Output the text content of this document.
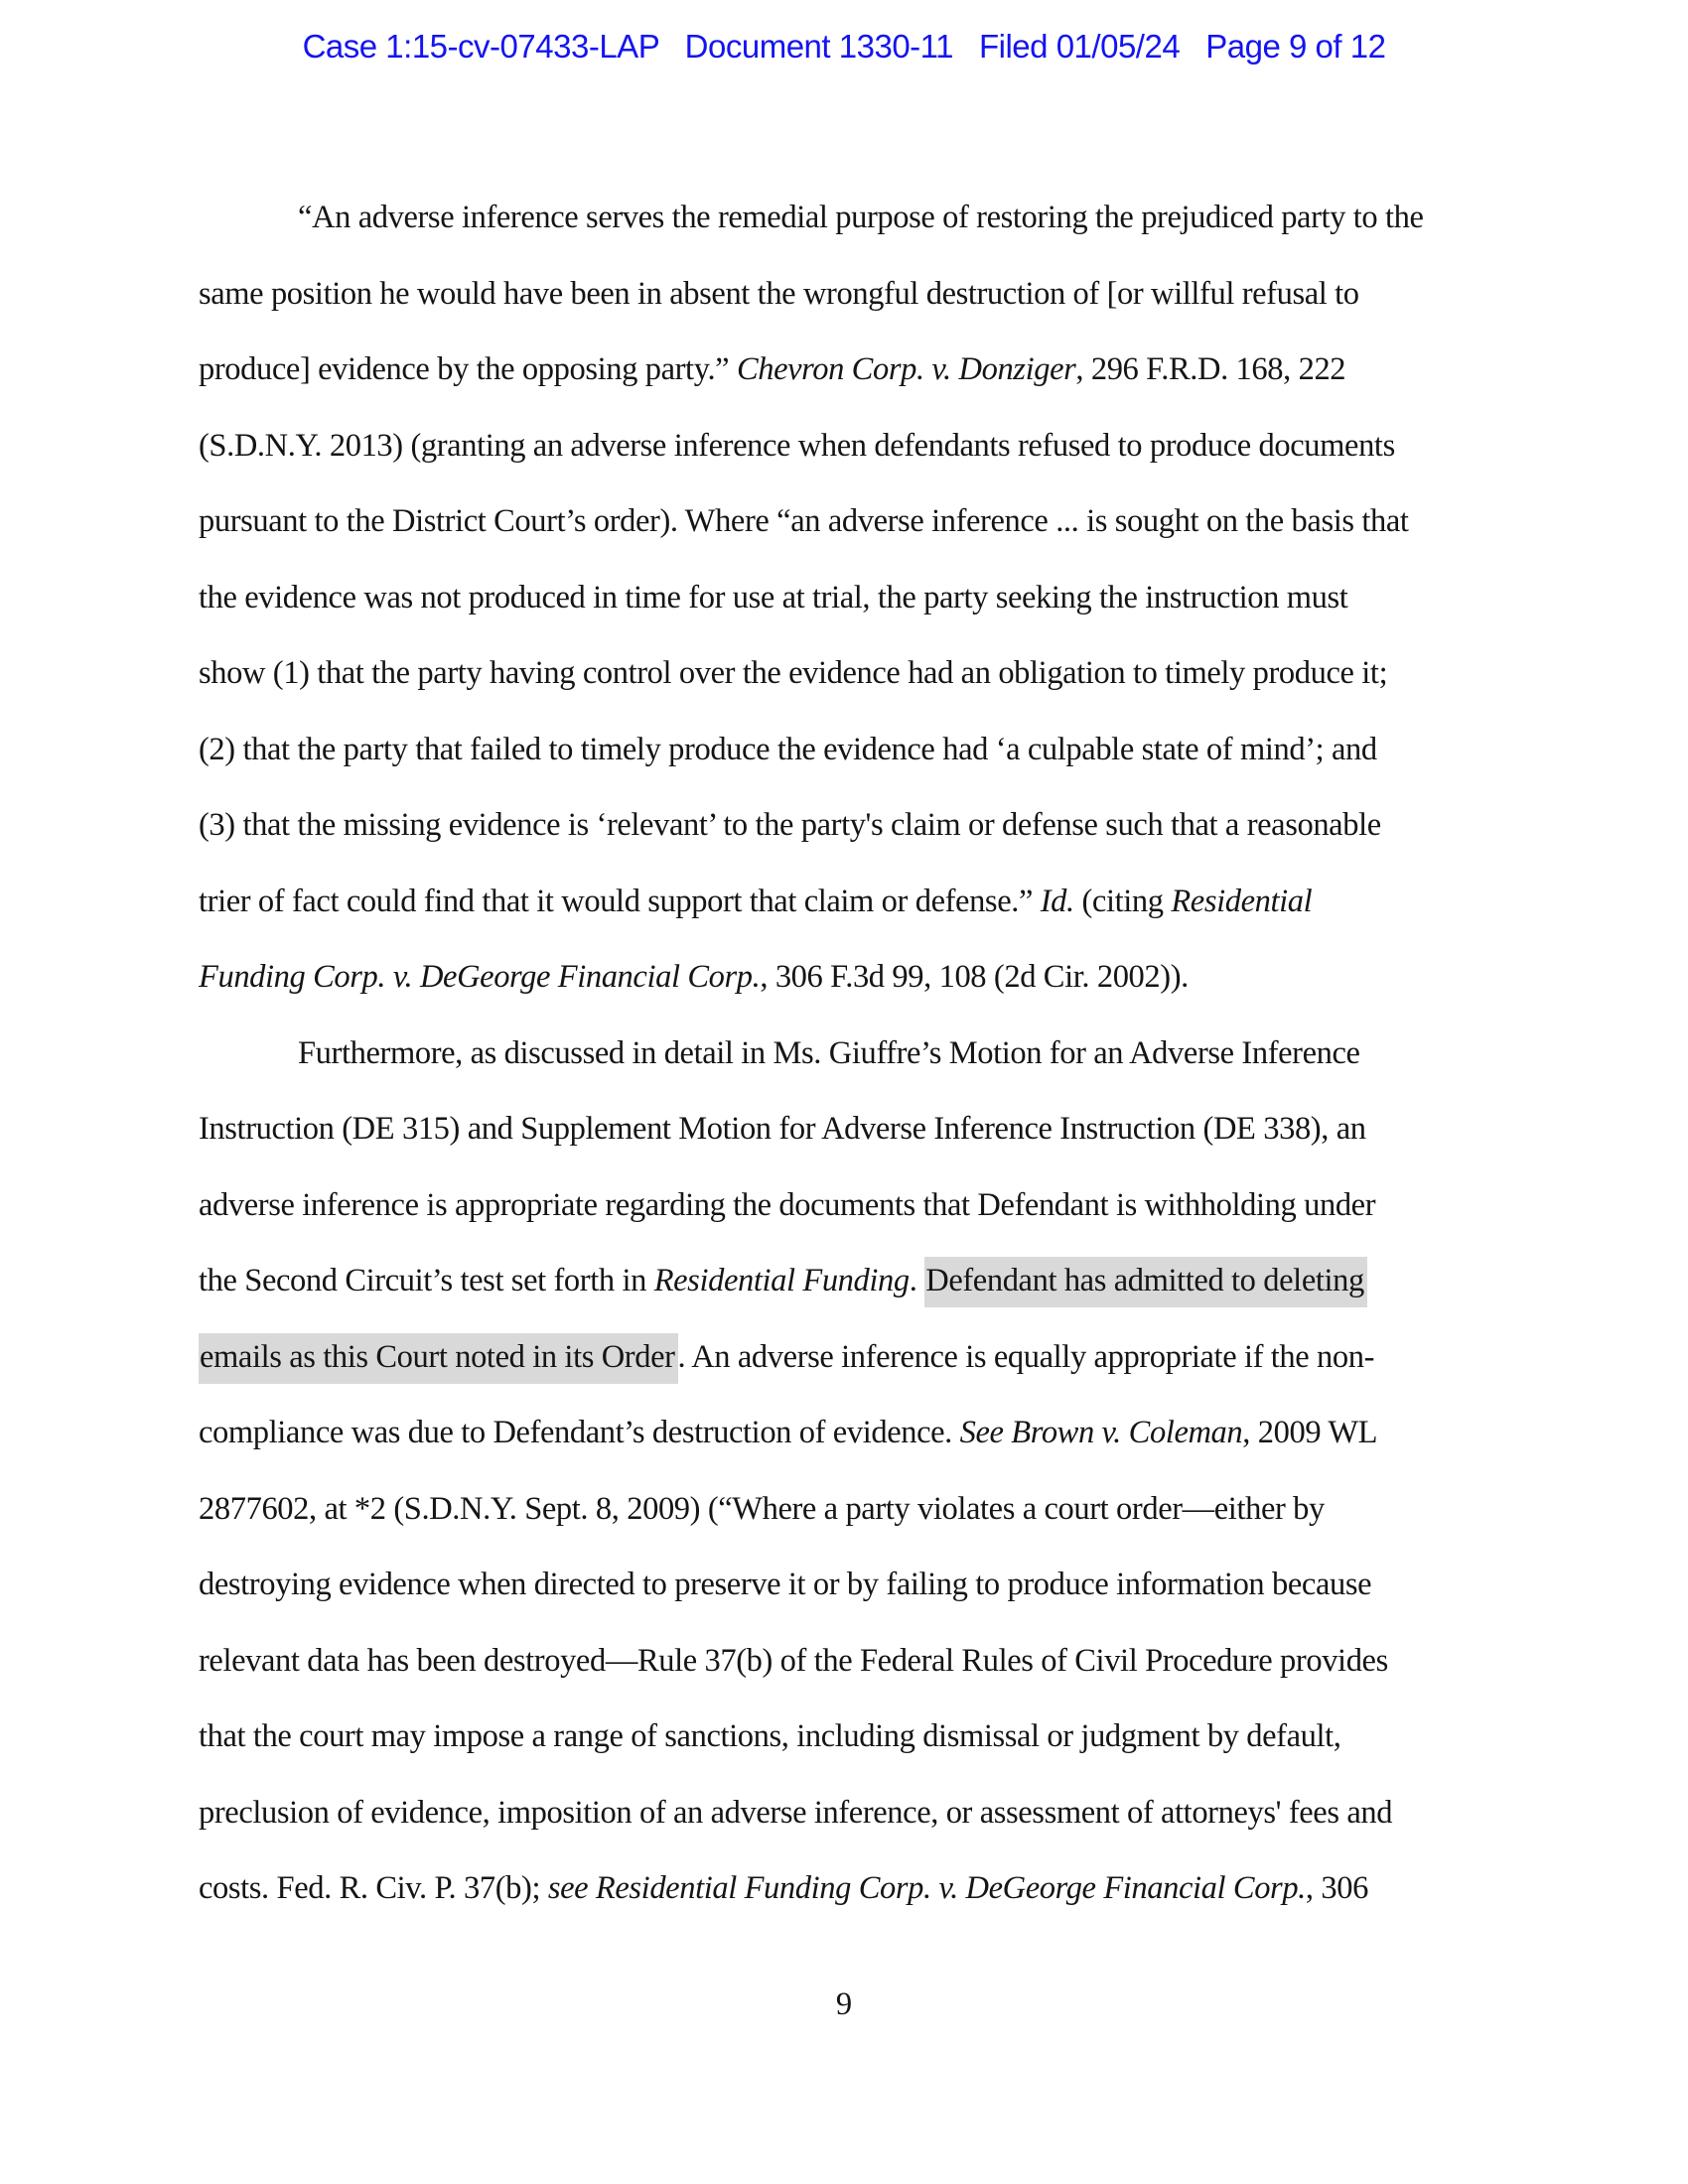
Case 1:15-cv-07433-LAP   Document 1330-11   Filed 01/05/24   Page 9 of 12
“An adverse inference serves the remedial purpose of restoring the prejudiced party to the
same position he would have been in absent the wrongful destruction of [or willful refusal to
produce] evidence by the opposing party.” Chevron Corp. v. Donziger, 296 F.R.D. 168, 222
(S.D.N.Y. 2013) (granting an adverse inference when defendants refused to produce documents
pursuant to the District Court’s order). Where “an adverse inference ... is sought on the basis that
the evidence was not produced in time for use at trial, the party seeking the instruction must
show (1) that the party having control over the evidence had an obligation to timely produce it;
(2) that the party that failed to timely produce the evidence had ‘a culpable state of mind’; and
(3) that the missing evidence is ‘relevant’ to the party's claim or defense such that a reasonable
trier of fact could find that it would support that claim or defense.” Id. (citing Residential
Funding Corp. v. DeGeorge Financial Corp., 306 F.3d 99, 108 (2d Cir. 2002)).
Furthermore, as discussed in detail in Ms. Giuffre’s Motion for an Adverse Inference
Instruction (DE 315) and Supplement Motion for Adverse Inference Instruction (DE 338), an
adverse inference is appropriate regarding the documents that Defendant is withholding under
the Second Circuit’s test set forth in Residential Funding. Defendant has admitted to deleting
emails as this Court noted in its Order. An adverse inference is equally appropriate if the non-
compliance was due to Defendant’s destruction of evidence. See Brown v. Coleman, 2009 WL
2877602, at *2 (S.D.N.Y. Sept. 8, 2009) (“Where a party violates a court order—either by
destroying evidence when directed to preserve it or by failing to produce information because
relevant data has been destroyed—Rule 37(b) of the Federal Rules of Civil Procedure provides
that the court may impose a range of sanctions, including dismissal or judgment by default,
preclusion of evidence, imposition of an adverse inference, or assessment of attorneys' fees and
costs. Fed. R. Civ. P. 37(b); see Residential Funding Corp. v. DeGeorge Financial Corp., 306
9
